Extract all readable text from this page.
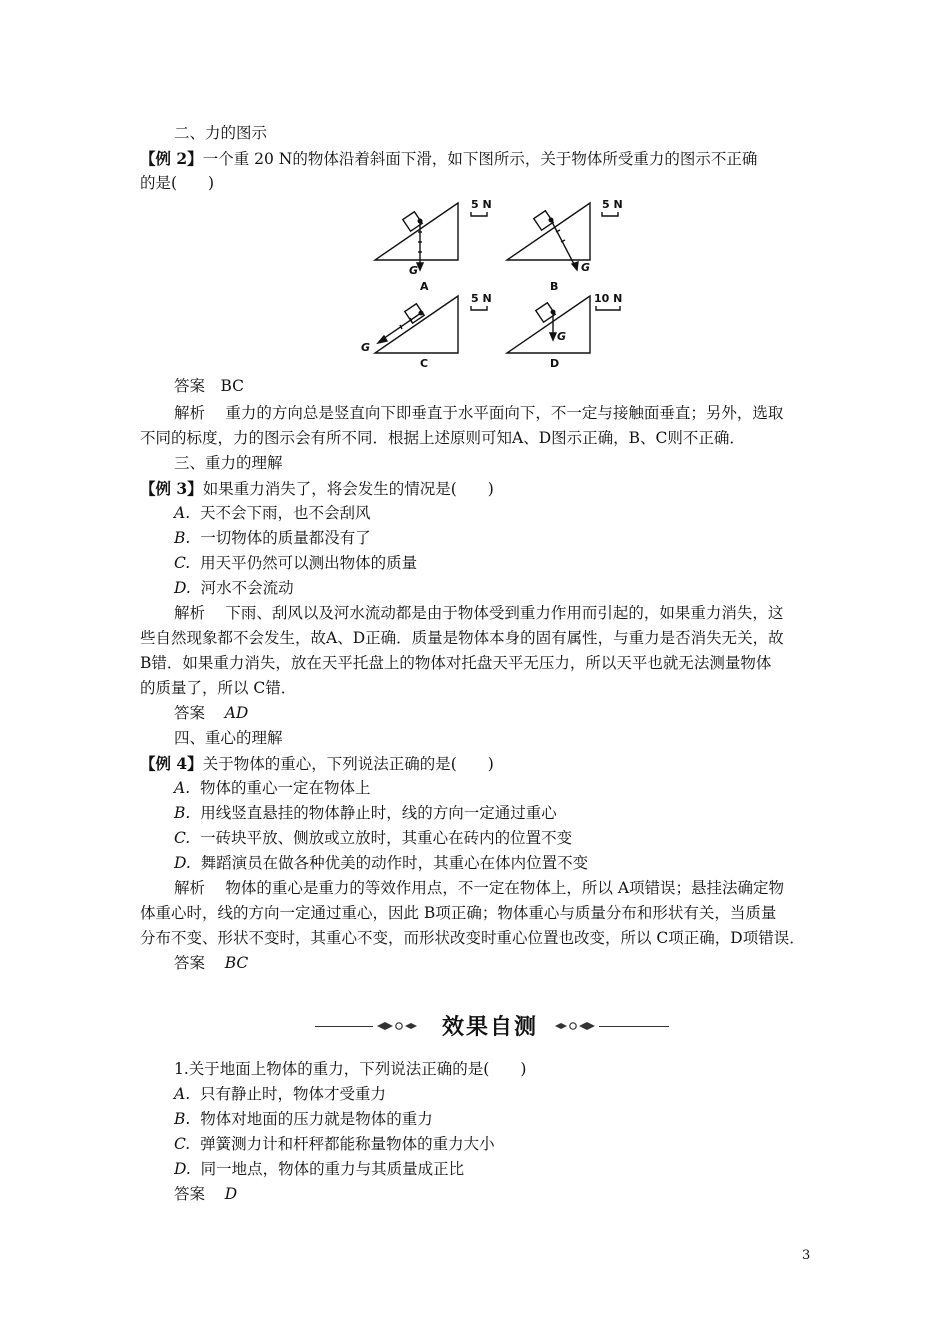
二、力的图示
【例 2】一个重 20 N的物体沿着斜面下滑，如下图所示，关于物体所受重力的图示不正确
的是(　　)
5 N	5 N
5 N	10 N
G	G
G
G
A	B
C	D
答案　BC
解析　 重力的方向总是竖直向下即垂直于水平面向下，不一定与接触面垂直；另外，选取
不同的标度，力的图示会有所不同．根据上述原则可知A、D图示正确，B、C则不正确．
三、重力的理解
【例 3】如果重力消失了，将会发生的情况是(　　)
A. 天不会下雨，也不会刮风
B. 一切物体的质量都没有了
C. 用天平仍然可以测出物体的质量
D. 河水不会流动
解析　 下雨、刮风以及河水流动都是由于物体受到重力作用而引起的，如果重力消失，这
些自然现象都不会发生，故A、D正确．质量是物体本身的固有属性，与重力是否消失无关，故
B错．如果重力消失，放在天平托盘上的物体对托盘天平无压力，所以天平也就无法测量物体
的质量了，所以 C错．
答案 AD
四、重心的理解
【例 4】关于物体的重心，下列说法正确的是(　　)
A. 物体的重心一定在物体上
B. 用线竖直悬挂的物体静止时，线的方向一定通过重心
C. 一砖块平放、侧放或立放时，其重心在砖内的位置不变
D. 舞蹈演员在做各种优美的动作时，其重心在体内位置不变
解析　 物体的重心是重力的等效作用点，不一定在物体上，所以 A项错误；悬挂法确定物
体重心时，线的方向一定通过重心，因此 B项正确；物体重心与质量分布和形状有关，当质量
分布不变、形状不变时，其重心不变，而形状改变时重心位置也改变，所以 C项正确，D项错误．
答案 BC
效果自测
1.关于地面上物体的重力，下列说法正确的是(　　)
A. 只有静止时，物体才受重力
B. 物体对地面的压力就是物体的重力
C. 弹簧测力计和杆秤都能称量物体的重力大小
D. 同一地点，物体的重力与其质量成正比
答案 D
3
